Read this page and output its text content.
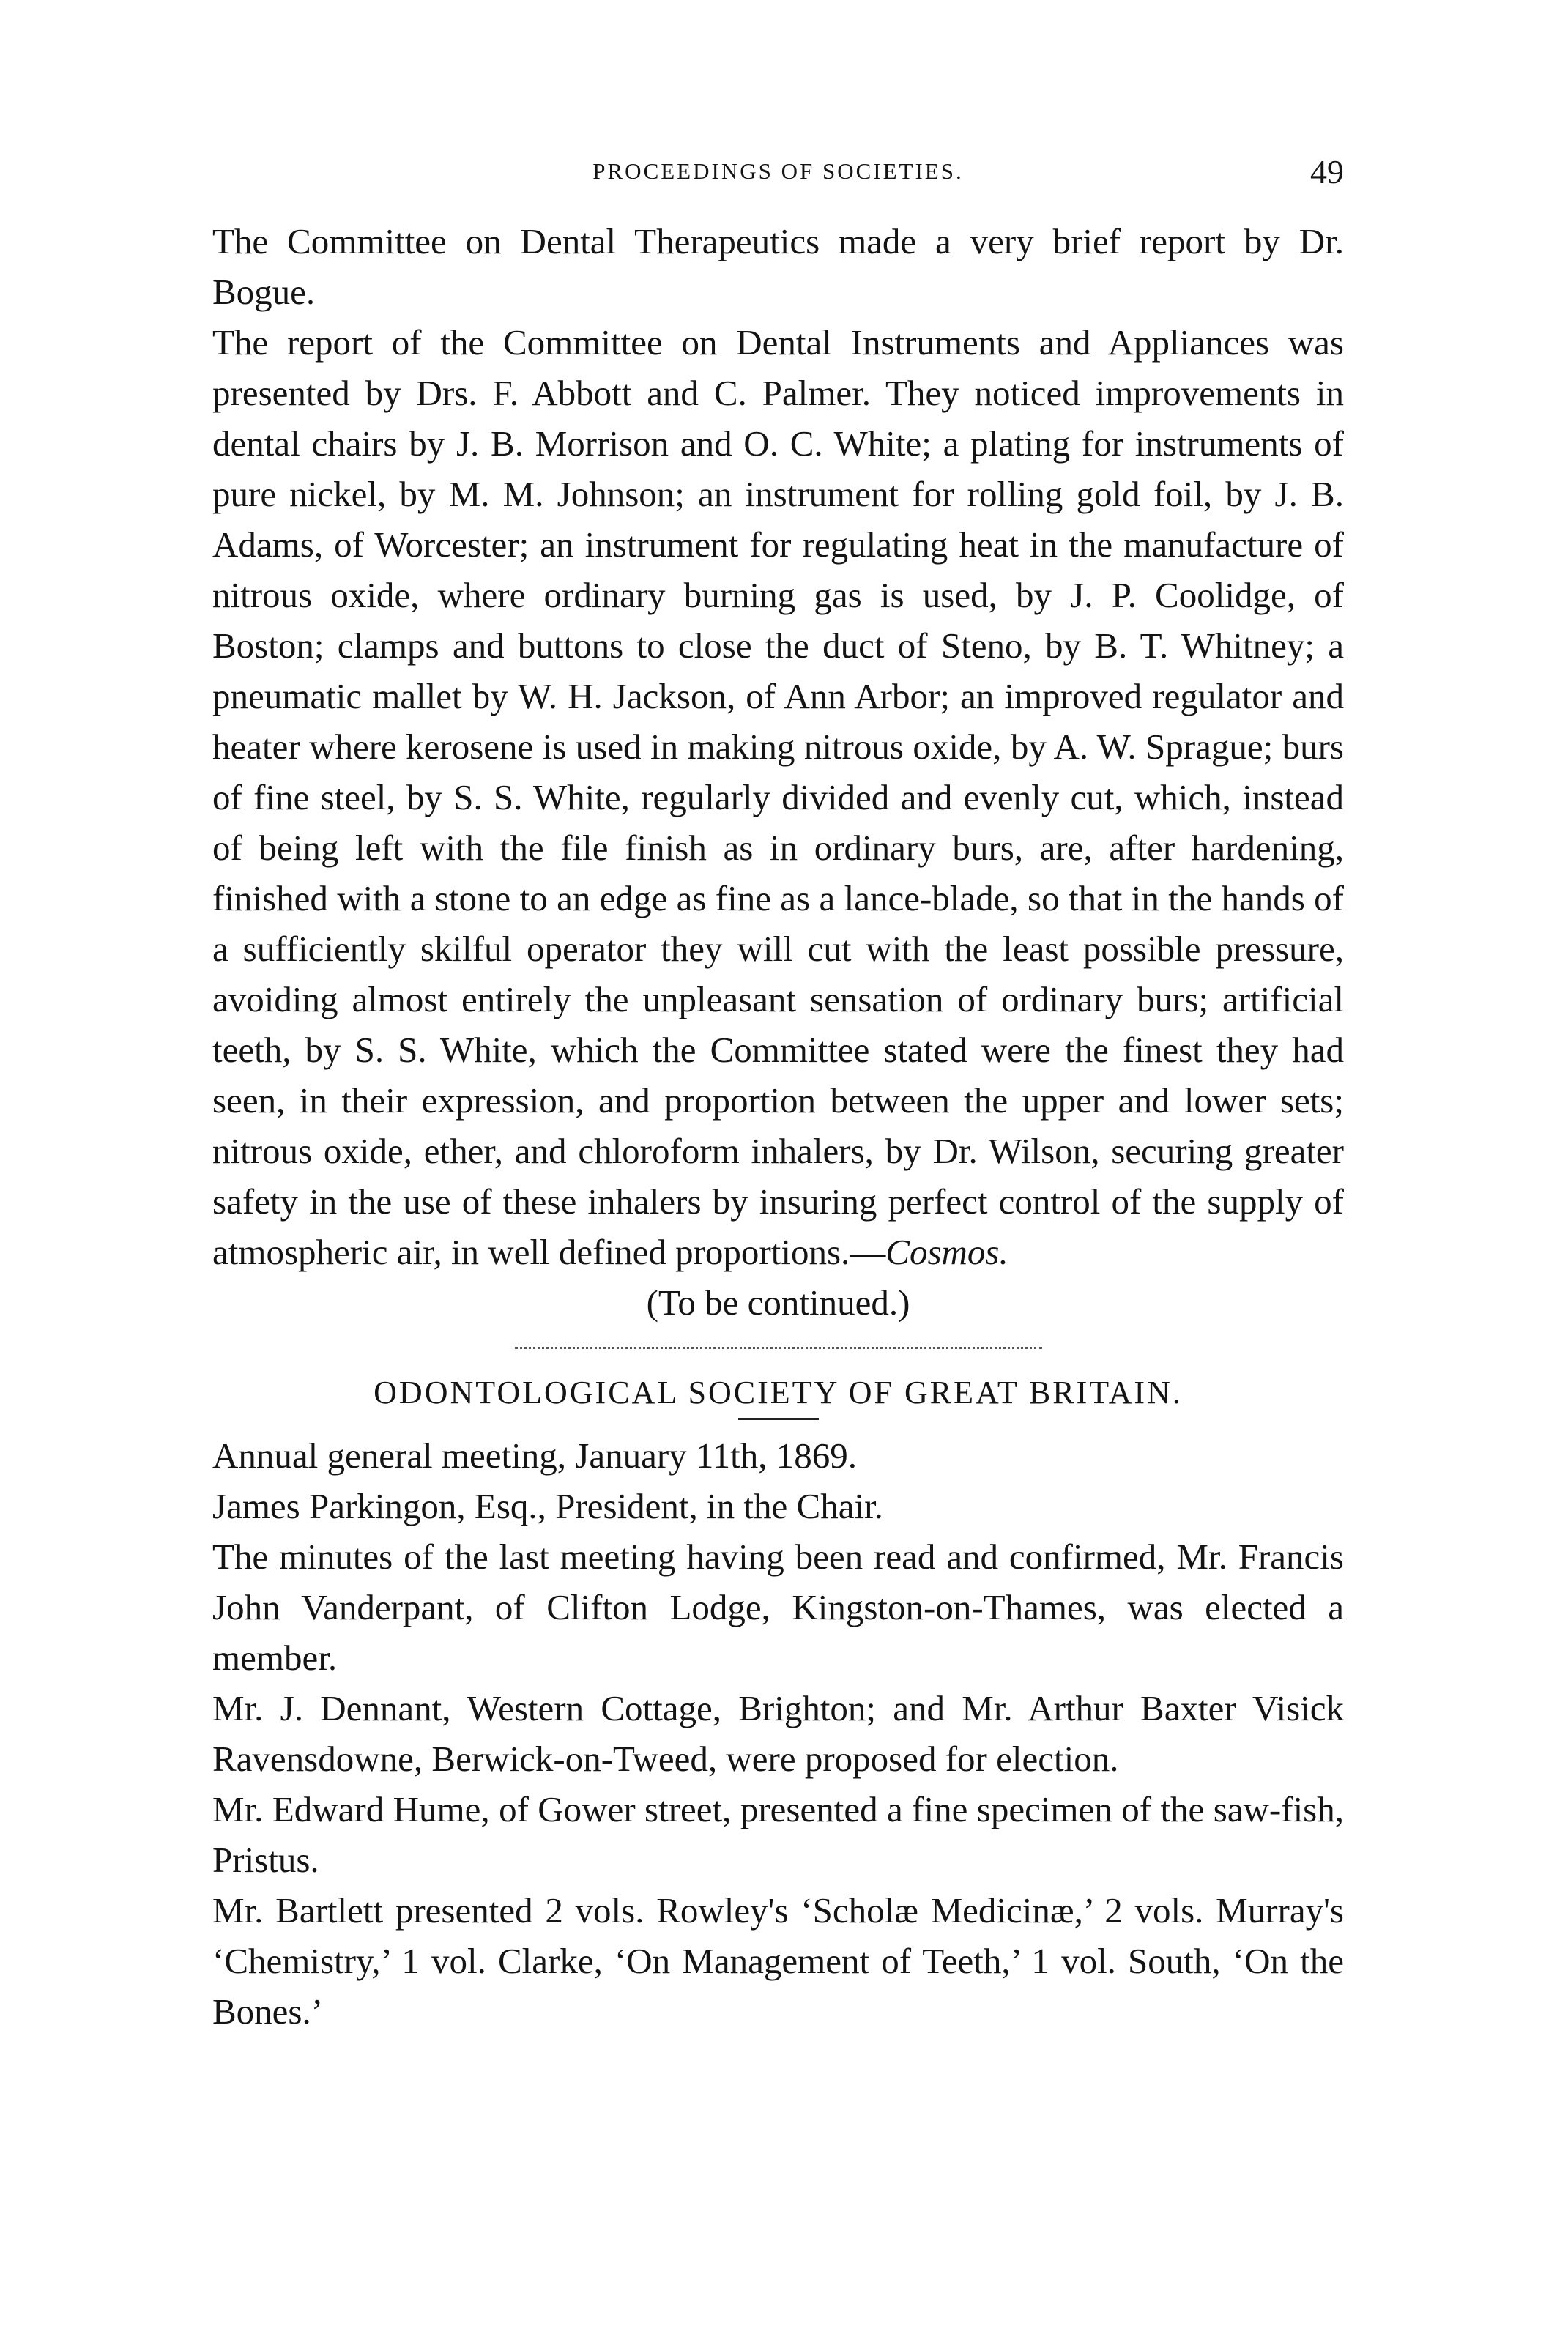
PROCEEDINGS OF SOCIETIES.	49

The Committee on Dental Therapeutics made a very brief report by Dr. Bogue.

The report of the Committee on Dental Instruments and Appliances was presented by Drs. F. Abbott and C. Palmer. They noticed improvements in dental chairs by J. B. Morrison and O. C. White; a plating for instruments of pure nickel, by M. M. Johnson; an instrument for rolling gold foil, by J. B. Adams, of Worcester; an instrument for regulating heat in the manufacture of nitrous oxide, where ordinary burning gas is used, by J. P. Coolidge, of Boston; clamps and buttons to close the duct of Steno, by B. T. Whitney; a pneumatic mallet by W. H. Jackson, of Ann Arbor; an improved regulator and heater where kerosene is used in making nitrous oxide, by A. W. Sprague; burs of fine steel, by S. S. White, regularly divided and evenly cut, which, instead of being left with the file finish as in ordinary burs, are, after hardening, finished with a stone to an edge as fine as a lance-blade, so that in the hands of a sufficiently skilful operator they will cut with the least possible pressure, avoiding almost entirely the unpleasant sensation of ordinary burs; artificial teeth, by S. S. White, which the Committee stated were the finest they had seen, in their expression, and proportion between the upper and lower sets; nitrous oxide, ether, and chloroform inhalers, by Dr. Wilson, securing greater safety in the use of these inhalers by insuring perfect control of the supply of atmospheric air, in well defined proportions.—Cosmos.

(To be continued.)

ODONTOLOGICAL SOCIETY OF GREAT BRITAIN.

Annual general meeting, January 11th, 1869.

James Parkingon, Esq., President, in the Chair.

The minutes of the last meeting having been read and confirmed, Mr. Francis John Vanderpant, of Clifton Lodge, Kingston-on-Thames, was elected a member.

Mr. J. Dennant, Western Cottage, Brighton; and Mr. Arthur Baxter Visick Ravensdowne, Berwick-on-Tweed, were proposed for election.

Mr. Edward Hume, of Gower street, presented a fine specimen of the saw-fish, Pristus.

Mr. Bartlett presented 2 vols. Rowley's ‘Scholæ Medicinæ,’ 2 vols. Murray's ‘Chemistry,’ 1 vol. Clarke, ‘On Management of Teeth,’ 1 vol. South, ‘On the Bones.’
